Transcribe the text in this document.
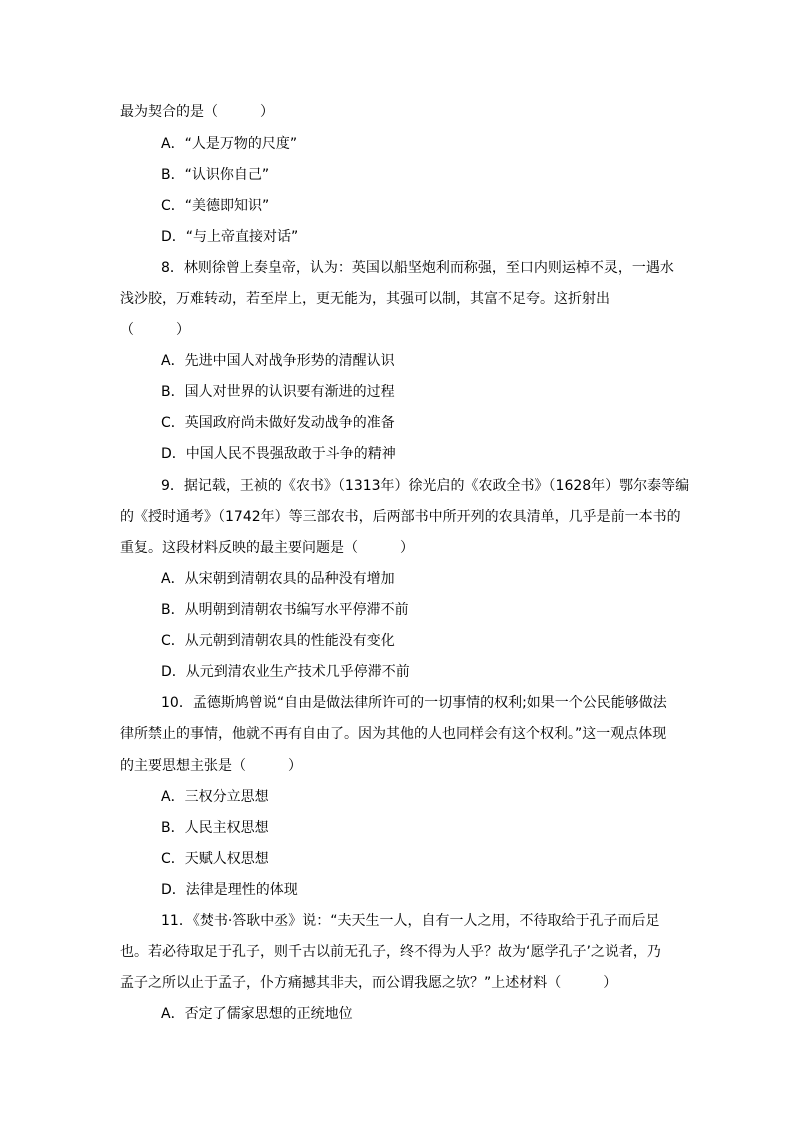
最为契合的是（　　　）
A．“人是万物的尺度”
B．“认识你自己”
C．“美德即知识”
D．“与上帝直接对话”
8．林则徐曾上奏皇帝，认为：英国以船坚炮利而称强，至口内则运棹不灵，一遇水
浅沙胶，万难转动，若至岸上，更无能为，其强可以制，其富不足夸。这折射出
（　　　）
A．先进中国人对战争形势的清醒认识
B．国人对世界的认识要有渐进的过程
C．英国政府尚未做好发动战争的准备
D．中国人民不畏强敌敢于斗争的精神
9．据记载，王祯的《农书》（1313年）徐光启的《农政全书》（1628年）鄂尔泰等编
的《授时通考》（1742年）等三部农书，后两部书中所开列的农具清单，几乎是前一本书的
重复。这段材料反映的最主要问题是（　　　）
A．从宋朝到清朝农具的品种没有增加
B．从明朝到清朝农书编写水平停滞不前
C．从元朝到清朝农具的性能没有变化
D．从元到清农业生产技术几乎停滞不前
10．孟德斯鸠曾说“自由是做法律所许可的一切事情的权利;如果一个公民能够做法
律所禁止的事情，他就不再有自由了。因为其他的人也同样会有这个权利。”这一观点体现
的主要思想主张是（　　　）
A．三权分立思想
B．人民主权思想
C．天赋人权思想
D．法律是理性的体现
11．《焚书·答耿中丞》说：“夫天生一人，自有一人之用，不待取给于孔子而后足
也。若必待取足于孔子，则千古以前无孔子，终不得为人乎？故为‘愿学孔子’之说者，乃
孟子之所以止于孟子，仆方痛撼其非夫，而公谓我愿之欤？”上述材料（　　　）
A．否定了儒家思想的正统地位
